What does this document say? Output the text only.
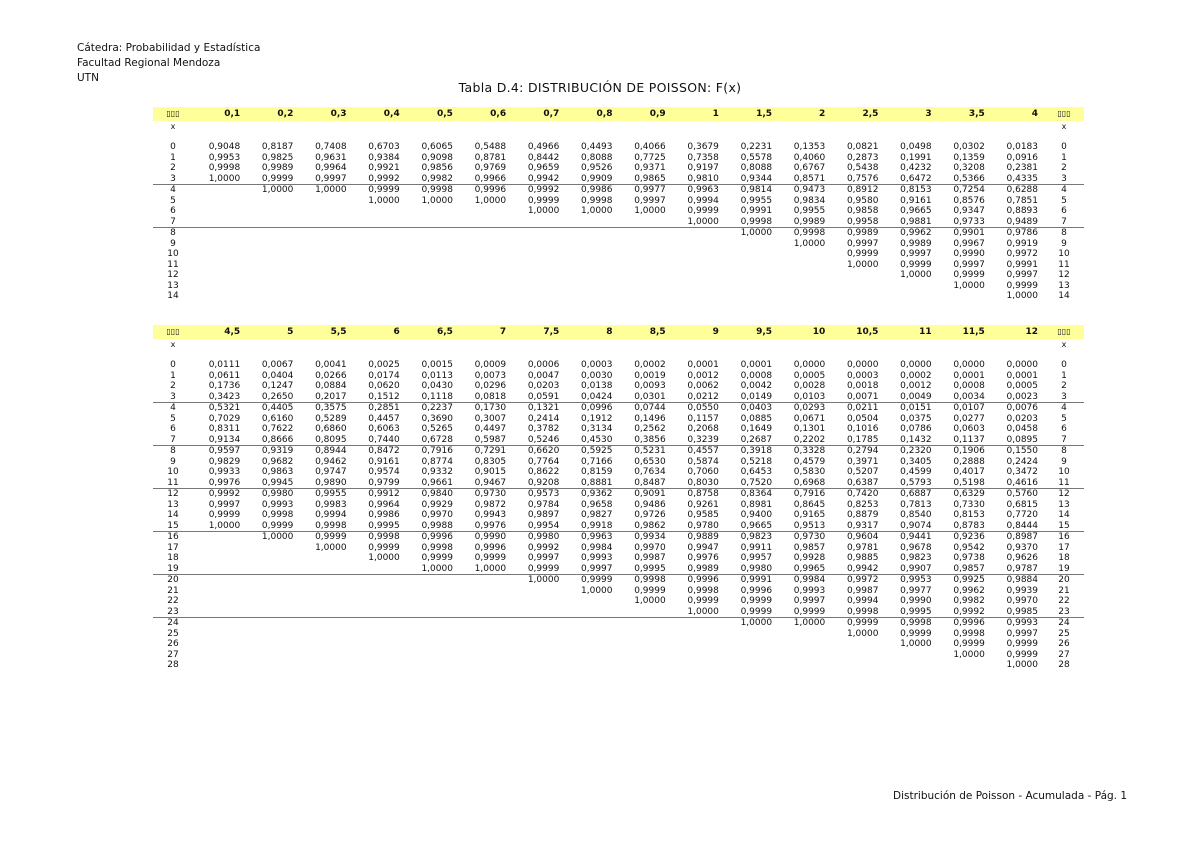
Cátedra: Probabilidad y Estadística
Facultad Regional Mendoza
UTN
Tabla D.4: DISTRIBUCIÓN DE POISSON: F(x)
▯▯▯	0,1	0,2	0,3	0,4	0,5	0,6	0,7	0,8	0,9	1	1,5	2	2,5	3	3,5	4	▯▯▯
x																	x

0	0,9048	0,8187	0,7408	0,6703	0,6065	0,5488	0,4966	0,4493	0,4066	0,3679	0,2231	0,1353	0,0821	0,0498	0,0302	0,0183	0
1	0,9953	0,9825	0,9631	0,9384	0,9098	0,8781	0,8442	0,8088	0,7725	0,7358	0,5578	0,4060	0,2873	0,1991	0,1359	0,0916	1
2	0,9998	0,9989	0,9964	0,9921	0,9856	0,9769	0,9659	0,9526	0,9371	0,9197	0,8088	0,6767	0,5438	0,4232	0,3208	0,2381	2
3	1,0000	0,9999	0,9997	0,9992	0,9982	0,9966	0,9942	0,9909	0,9865	0,9810	0,9344	0,8571	0,7576	0,6472	0,5366	0,4335	3
4		1,0000	1,0000	0,9999	0,9998	0,9996	0,9992	0,9986	0,9977	0,9963	0,9814	0,9473	0,8912	0,8153	0,7254	0,6288	4
5				1,0000	1,0000	1,0000	0,9999	0,9998	0,9997	0,9994	0,9955	0,9834	0,9580	0,9161	0,8576	0,7851	5
6							1,0000	1,0000	1,0000	0,9999	0,9991	0,9955	0,9858	0,9665	0,9347	0,8893	6
7										1,0000	0,9998	0,9989	0,9958	0,9881	0,9733	0,9489	7
8											1,0000	0,9998	0,9989	0,9962	0,9901	0,9786	8
9												1,0000	0,9997	0,9989	0,9967	0,9919	9
10													0,9999	0,9997	0,9990	0,9972	10
11													1,0000	0,9999	0,9997	0,9991	11
12														1,0000	0,9999	0,9997	12
13															1,0000	0,9999	13
14																1,0000	14
▯▯▯	4,5	5	5,5	6	6,5	7	7,5	8	8,5	9	9,5	10	10,5	11	11,5	12	▯▯▯
x																	x

0	0,0111	0,0067	0,0041	0,0025	0,0015	0,0009	0,0006	0,0003	0,0002	0,0001	0,0001	0,0000	0,0000	0,0000	0,0000	0,0000	0
1	0,0611	0,0404	0,0266	0,0174	0,0113	0,0073	0,0047	0,0030	0,0019	0,0012	0,0008	0,0005	0,0003	0,0002	0,0001	0,0001	1
2	0,1736	0,1247	0,0884	0,0620	0,0430	0,0296	0,0203	0,0138	0,0093	0,0062	0,0042	0,0028	0,0018	0,0012	0,0008	0,0005	2
3	0,3423	0,2650	0,2017	0,1512	0,1118	0,0818	0,0591	0,0424	0,0301	0,0212	0,0149	0,0103	0,0071	0,0049	0,0034	0,0023	3
4	0,5321	0,4405	0,3575	0,2851	0,2237	0,1730	0,1321	0,0996	0,0744	0,0550	0,0403	0,0293	0,0211	0,0151	0,0107	0,0076	4
5	0,7029	0,6160	0,5289	0,4457	0,3690	0,3007	0,2414	0,1912	0,1496	0,1157	0,0885	0,0671	0,0504	0,0375	0,0277	0,0203	5
6	0,8311	0,7622	0,6860	0,6063	0,5265	0,4497	0,3782	0,3134	0,2562	0,2068	0,1649	0,1301	0,1016	0,0786	0,0603	0,0458	6
7	0,9134	0,8666	0,8095	0,7440	0,6728	0,5987	0,5246	0,4530	0,3856	0,3239	0,2687	0,2202	0,1785	0,1432	0,1137	0,0895	7
8	0,9597	0,9319	0,8944	0,8472	0,7916	0,7291	0,6620	0,5925	0,5231	0,4557	0,3918	0,3328	0,2794	0,2320	0,1906	0,1550	8
9	0,9829	0,9682	0,9462	0,9161	0,8774	0,8305	0,7764	0,7166	0,6530	0,5874	0,5218	0,4579	0,3971	0,3405	0,2888	0,2424	9
10	0,9933	0,9863	0,9747	0,9574	0,9332	0,9015	0,8622	0,8159	0,7634	0,7060	0,6453	0,5830	0,5207	0,4599	0,4017	0,3472	10
11	0,9976	0,9945	0,9890	0,9799	0,9661	0,9467	0,9208	0,8881	0,8487	0,8030	0,7520	0,6968	0,6387	0,5793	0,5198	0,4616	11
12	0,9992	0,9980	0,9955	0,9912	0,9840	0,9730	0,9573	0,9362	0,9091	0,8758	0,8364	0,7916	0,7420	0,6887	0,6329	0,5760	12
13	0,9997	0,9993	0,9983	0,9964	0,9929	0,9872	0,9784	0,9658	0,9486	0,9261	0,8981	0,8645	0,8253	0,7813	0,7330	0,6815	13
14	0,9999	0,9998	0,9994	0,9986	0,9970	0,9943	0,9897	0,9827	0,9726	0,9585	0,9400	0,9165	0,8879	0,8540	0,8153	0,7720	14
15	1,0000	0,9999	0,9998	0,9995	0,9988	0,9976	0,9954	0,9918	0,9862	0,9780	0,9665	0,9513	0,9317	0,9074	0,8783	0,8444	15
16		1,0000	0,9999	0,9998	0,9996	0,9990	0,9980	0,9963	0,9934	0,9889	0,9823	0,9730	0,9604	0,9441	0,9236	0,8987	16
17			1,0000	0,9999	0,9998	0,9996	0,9992	0,9984	0,9970	0,9947	0,9911	0,9857	0,9781	0,9678	0,9542	0,9370	17
18				1,0000	0,9999	0,9999	0,9997	0,9993	0,9987	0,9976	0,9957	0,9928	0,9885	0,9823	0,9738	0,9626	18
19					1,0000	1,0000	0,9999	0,9997	0,9995	0,9989	0,9980	0,9965	0,9942	0,9907	0,9857	0,9787	19
20							1,0000	0,9999	0,9998	0,9996	0,9991	0,9984	0,9972	0,9953	0,9925	0,9884	20
21								1,0000	0,9999	0,9998	0,9996	0,9993	0,9987	0,9977	0,9962	0,9939	21
22									1,0000	0,9999	0,9999	0,9997	0,9994	0,9990	0,9982	0,9970	22
23										1,0000	0,9999	0,9999	0,9998	0,9995	0,9992	0,9985	23
24											1,0000	1,0000	0,9999	0,9998	0,9996	0,9993	24
25													1,0000	0,9999	0,9998	0,9997	25
26														1,0000	0,9999	0,9999	26
27															1,0000	0,9999	27
28																1,0000	28
Distribución de Poisson - Acumulada - Pág. 1
